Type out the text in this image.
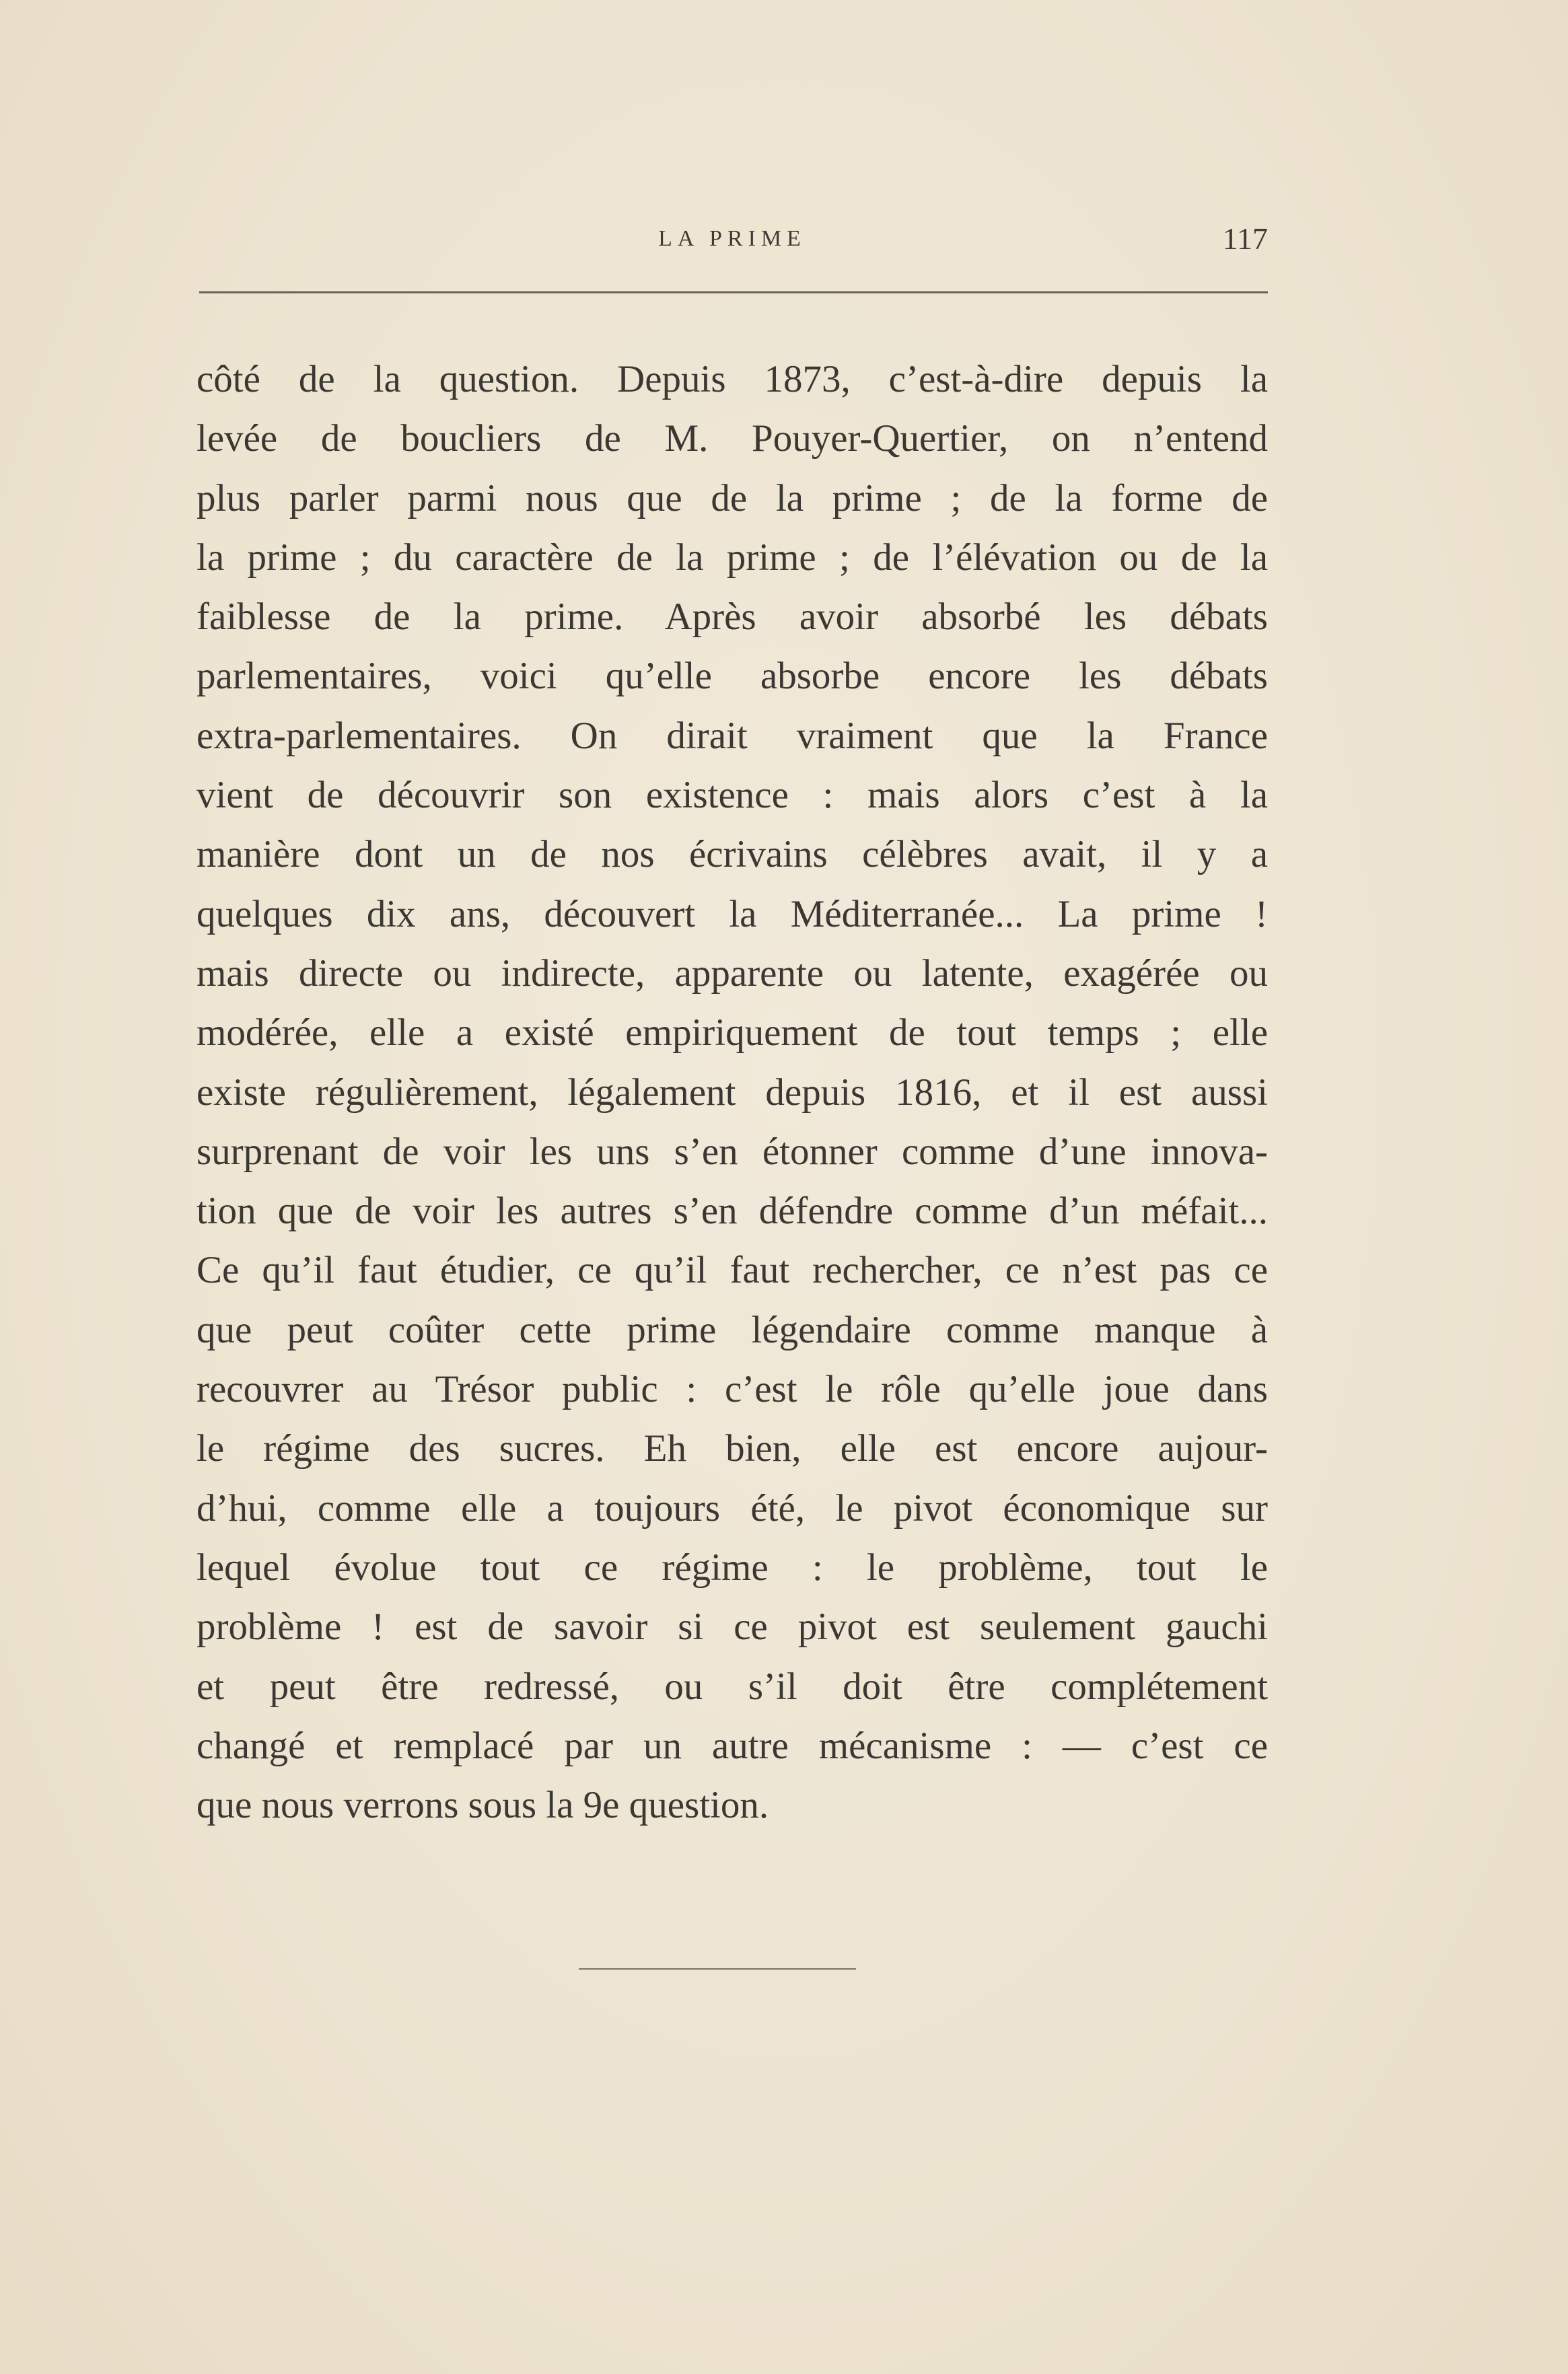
LA PRIME	117
côté de la question. Depuis 1873, c’est-à-dire depuis la
levée de boucliers de M. Pouyer-Quertier, on n’entend
plus parler parmi nous que de la prime ; de la forme de
la prime ; du caractère de la prime ; de l’élévation ou de la
faiblesse de la prime. Après avoir absorbé les débats
parlementaires, voici qu’elle absorbe encore les débats
extra-parlementaires. On dirait vraiment que la France
vient de découvrir son existence : mais alors c’est à la
manière dont un de nos écrivains célèbres avait, il y a
quelques dix ans, découvert la Méditerranée... La prime !
mais directe ou indirecte, apparente ou latente, exagérée ou
modérée, elle a existé empiriquement de tout temps ; elle
existe régulièrement, légalement depuis 1816, et il est aussi
surprenant de voir les uns s’en étonner comme d’une innova-
tion que de voir les autres s’en défendre comme d’un méfait...
Ce qu’il faut étudier, ce qu’il faut rechercher, ce n’est pas ce
que peut coûter cette prime légendaire comme manque à
recouvrer au Trésor public : c’est le rôle qu’elle joue dans
le régime des sucres. Eh bien, elle est encore aujour-
d’hui, comme elle a toujours été, le pivot économique sur
lequel évolue tout ce régime : le problème, tout le
problème ! est de savoir si ce pivot est seulement gauchi
et peut être redressé, ou s’il doit être complétement
changé et remplacé par un autre mécanisme : — c’est ce
que nous verrons sous la 9e question.
